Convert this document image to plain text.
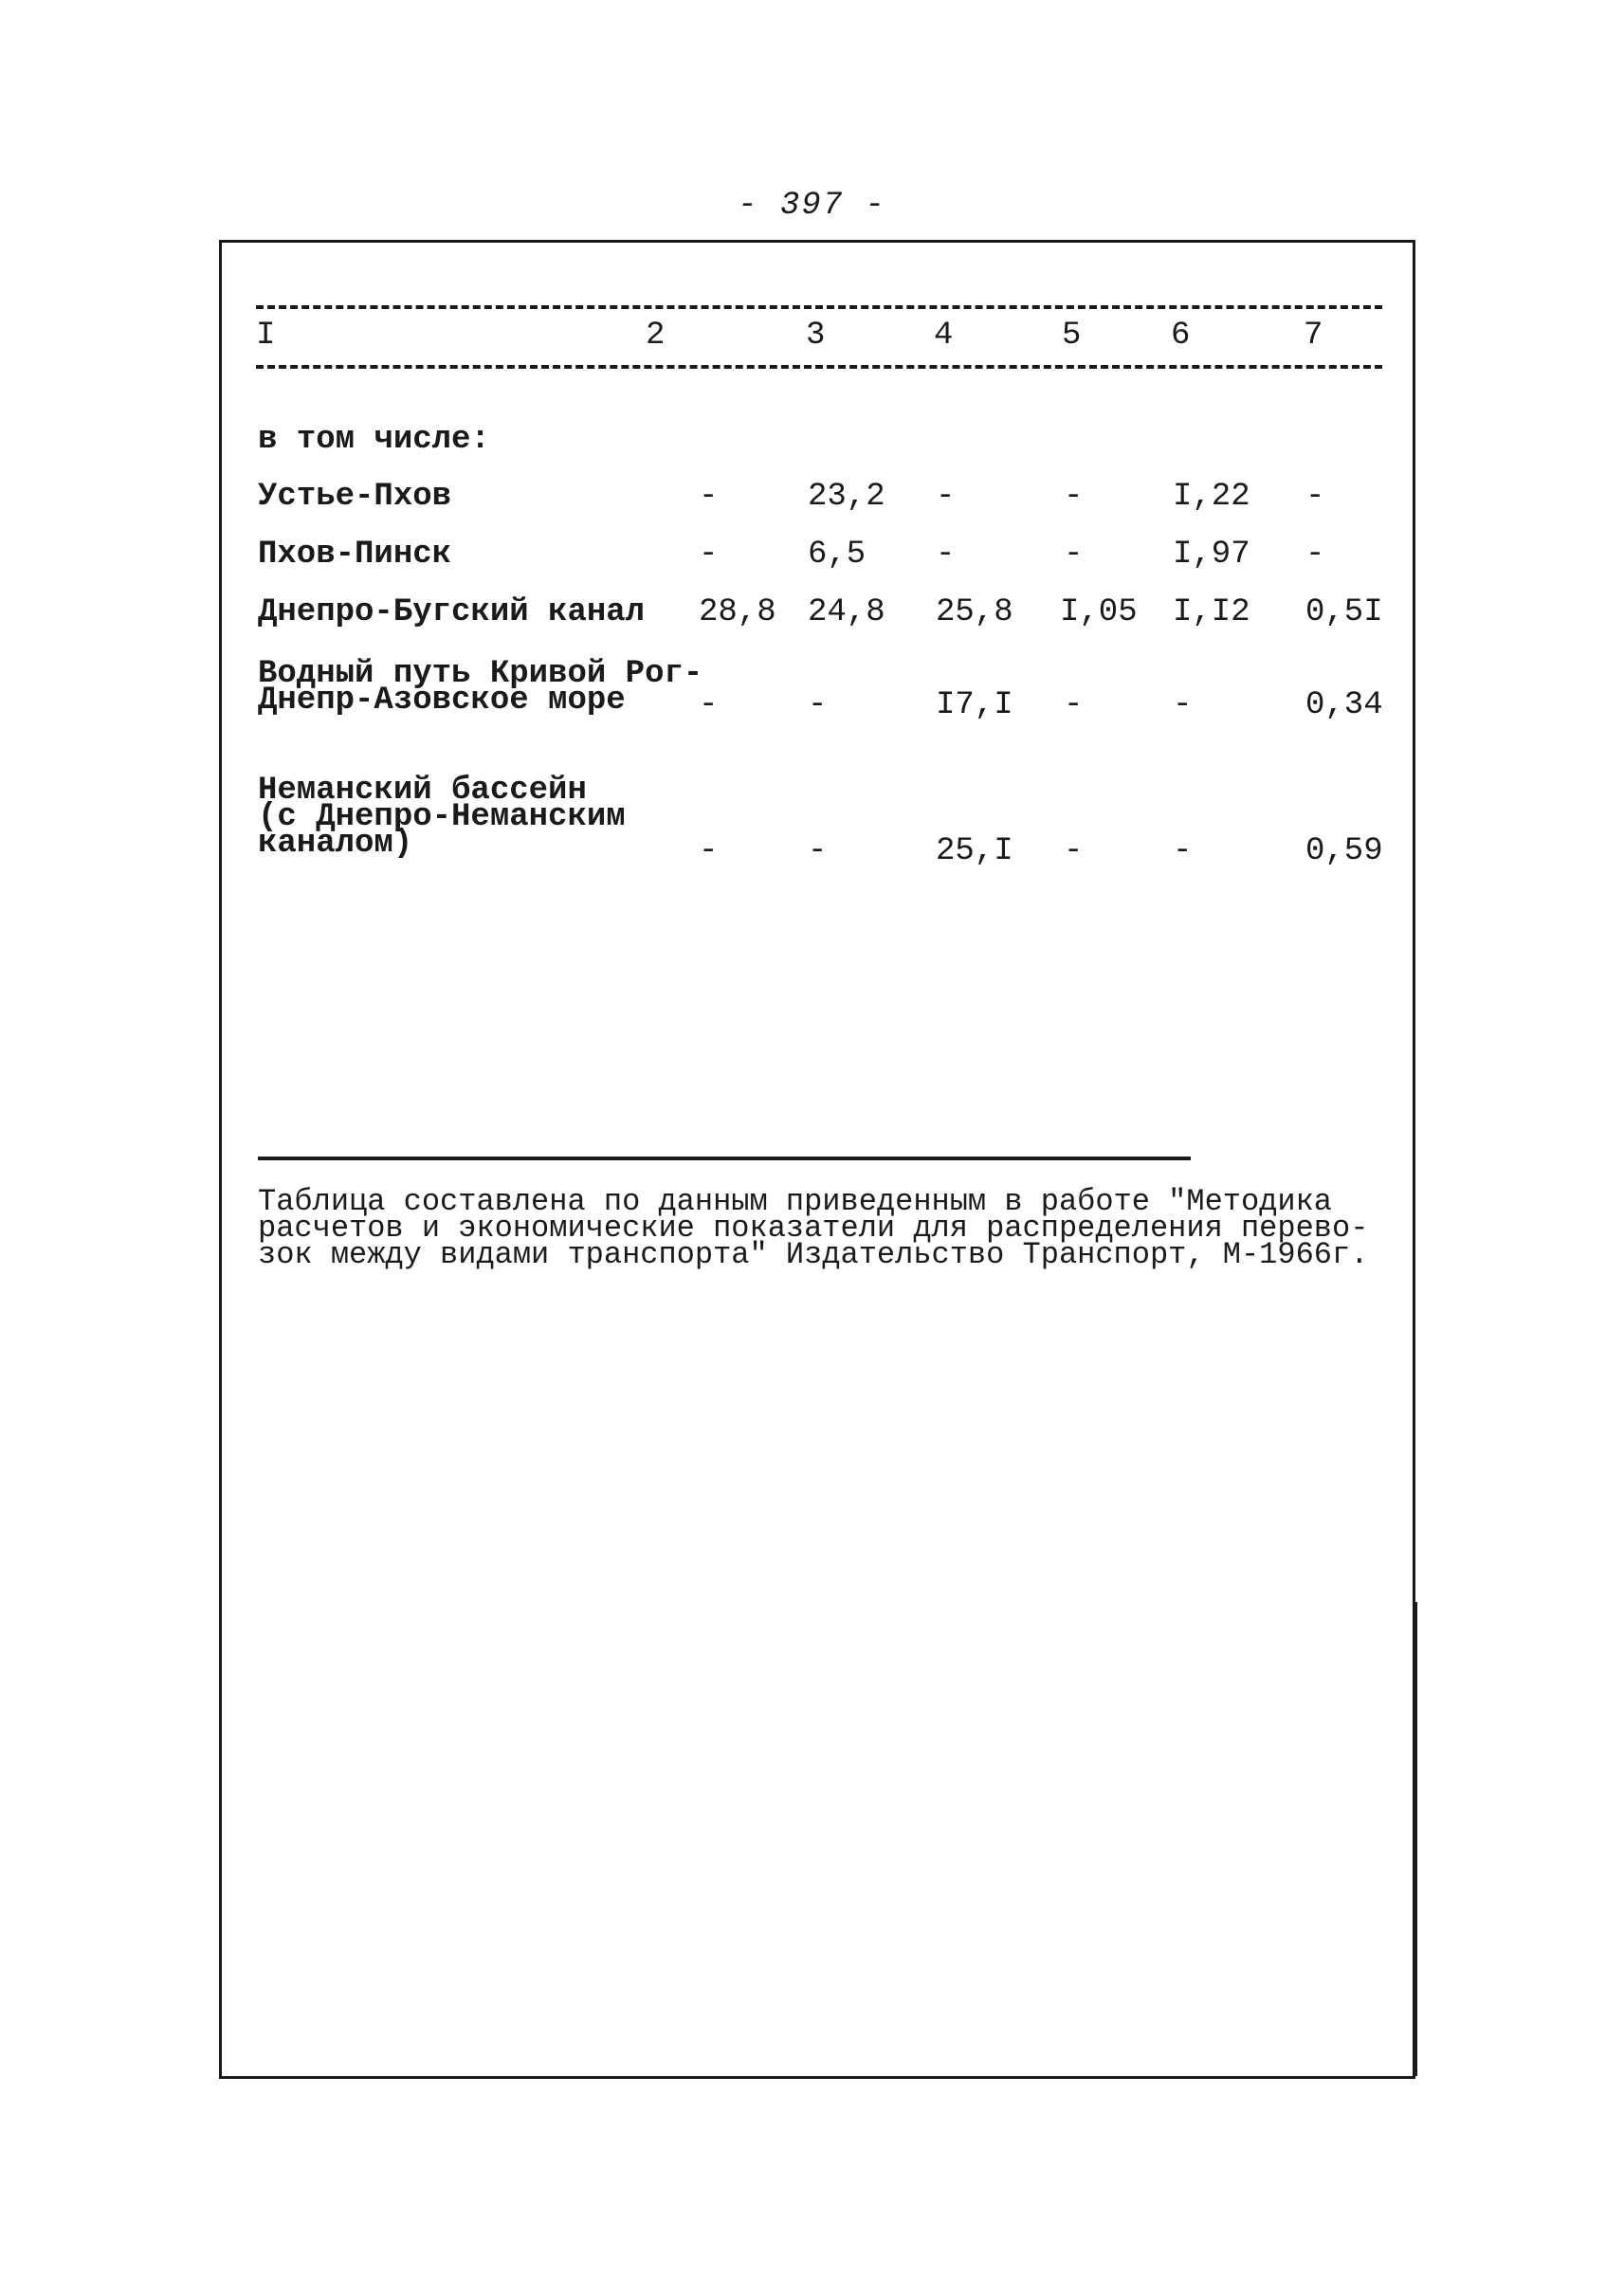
- 397 -
I	2	3	4	5	6	7
в том числе:
Устье-Пхов	-	23,2 -	-	I,22 -
Пхов-Пинск	-	6,5 -	-	I,97 -
Днепро-Бугский канал 28,8 24,8 25,8 I,05 I,I2 0,5I
Водный путь Кривой Рог-
Днепр-Азовское море -	-	I7,I -	-	0,34
Неманский бассейн
(с Днепро-Неманским
каналом)	-	-	25,I -	-	0,59
Таблица составлена по данным приведенным в работе "Методика
расчетов и экономические показатели для распределения перево-
зок между видами транспорта" Издательство Транспорт, М-1966г.
